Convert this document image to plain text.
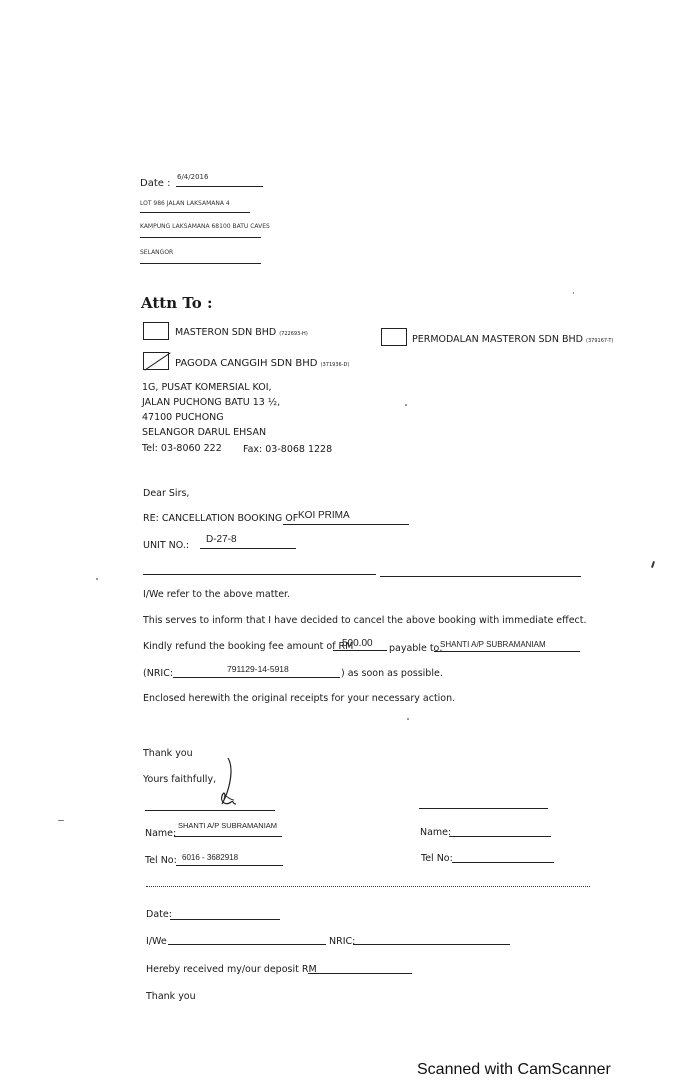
Date :
6/4/2016
LOT 986 JALAN LAKSAMANA 4
KAMPUNG LAKSAMANA 68100 BATU CAVES
SELANGOR
Attn To :
MASTERON SDN BHD (722693-H)	PERMODALAN MASTERON SDN BHD (379167-T)
PAGODA CANGGIH SDN BHD (371936-D)
1G, PUSAT KOMERSIAL KOI,
JALAN PUCHONG BATU 13 ½,
47100 PUCHONG
SELANGOR DARUL EHSAN
Tel: 03-8060 222 Fax: 03-8068 1228
Dear Sirs,
RE: CANCELLATION BOOKING OF KOI PRIMA
UNIT NO.:
D-27-8
I/We refer to the above matter.
This serves to inform that I have decided to cancel the above booking with immediate effect.
Kindly refund the booking fee amount of RM
500.00 payable to,
SHANTI A/P SUBRAMANIAM
(NRIC:	791129-14-5918	) as soon as possible.
Enclosed herewith the original receipts for your necessary action.
Thank you
Yours faithfully,
Name:
SHANTI A/P SUBRAMANIAM
Tel No: 6016 - 3682918
Name:
Tel No:
Date:
I/We	NRIC:
Hereby received my/our deposit RM
Thank you
Scanned with CamScanner
